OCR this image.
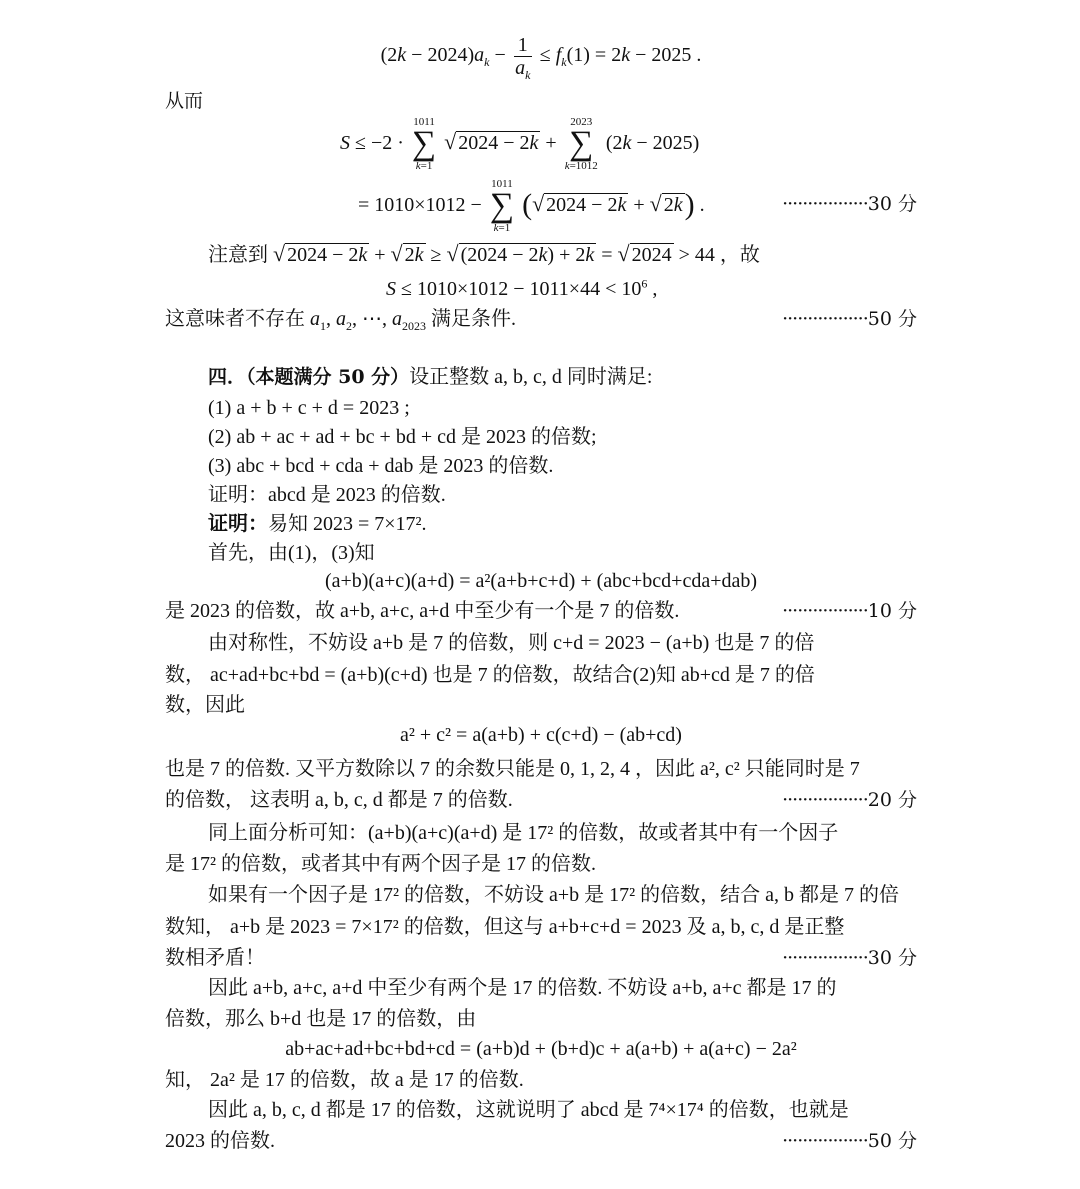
$(2k - 2024)a_k - \frac{1}{a_k} \le f_k(1) = 2k - 2025$ .
从而
S ≤ −2 ·
1011
∑
k=1
√ 2024 − 2k +
2023
∑
k=1012
(2k − 2025)
= 1010×1012 −
1011
∑
k=1
(√ 2024 − 2k + √ 2k) .	·················30 分
注意到 √ 2024 − 2k + √ 2k ≥ √ (2024 − 2k) + 2k = √ 2024 > 44 ，故
$S \le 1010\times 1012 - 1011\times 44 < 10^6$ ,
这意味者不存在 $a_1$, $a_2$, ⋯, $a_{2023}$ 满足条件.	·················50 分
四．（本题满分 50 分）设正整数 a, b, c, d 同时满足:
(1) a + b + c + d = 2023 ;
(2) ab + ac + ad + bc + bd + cd 是 2023 的倍数;
(3) abc + bcd + cda + dab 是 2023 的倍数.
证明：abcd 是 2023 的倍数.
证明：易知 2023 = 7×17².
首先，由(1)，(3)知
(a+b)(a+c)(a+d) = a²(a+b+c+d) + (abc+bcd+cda+dab)
是 2023 的倍数，故 a+b, a+c, a+d 中至少有一个是 7 的倍数.	·················10 分
由对称性，不妨设 a+b 是 7 的倍数，则 c+d = 2023 − (a+b) 也是 7 的倍
数， ac+ad+bc+bd = (a+b)(c+d) 也是 7 的倍数，故结合(2)知 ab+cd 是 7 的倍
数，因此
a² + c² = a(a+b) + c(c+d) − (ab+cd)
也是 7 的倍数. 又平方数除以 7 的余数只能是 0, 1, 2, 4 ，因此 a², c² 只能同时是 7
的倍数， 这表明 a, b, c, d 都是 7 的倍数.	·················20 分
同上面分析可知：(a+b)(a+c)(a+d) 是 17² 的倍数，故或者其中有一个因子
是 17² 的倍数，或者其中有两个因子是 17 的倍数.
如果有一个因子是 17² 的倍数，不妨设 a+b 是 17² 的倍数，结合 a, b 都是 7 的倍
数知， a+b 是 2023 = 7×17² 的倍数，但这与 a+b+c+d = 2023 及 a, b, c, d 是正整
数相矛盾！	·················30 分
因此 a+b, a+c, a+d 中至少有两个是 17 的倍数. 不妨设 a+b, a+c 都是 17 的
倍数，那么 b+d 也是 17 的倍数，由
ab+ac+ad+bc+bd+cd = (a+b)d + (b+d)c + a(a+b) + a(a+c) − 2a²
知， 2a² 是 17 的倍数，故 a 是 17 的倍数.
因此 a, b, c, d 都是 17 的倍数，这就说明了 abcd 是 7⁴×17⁴ 的倍数，也就是
2023 的倍数.	·················50 分
